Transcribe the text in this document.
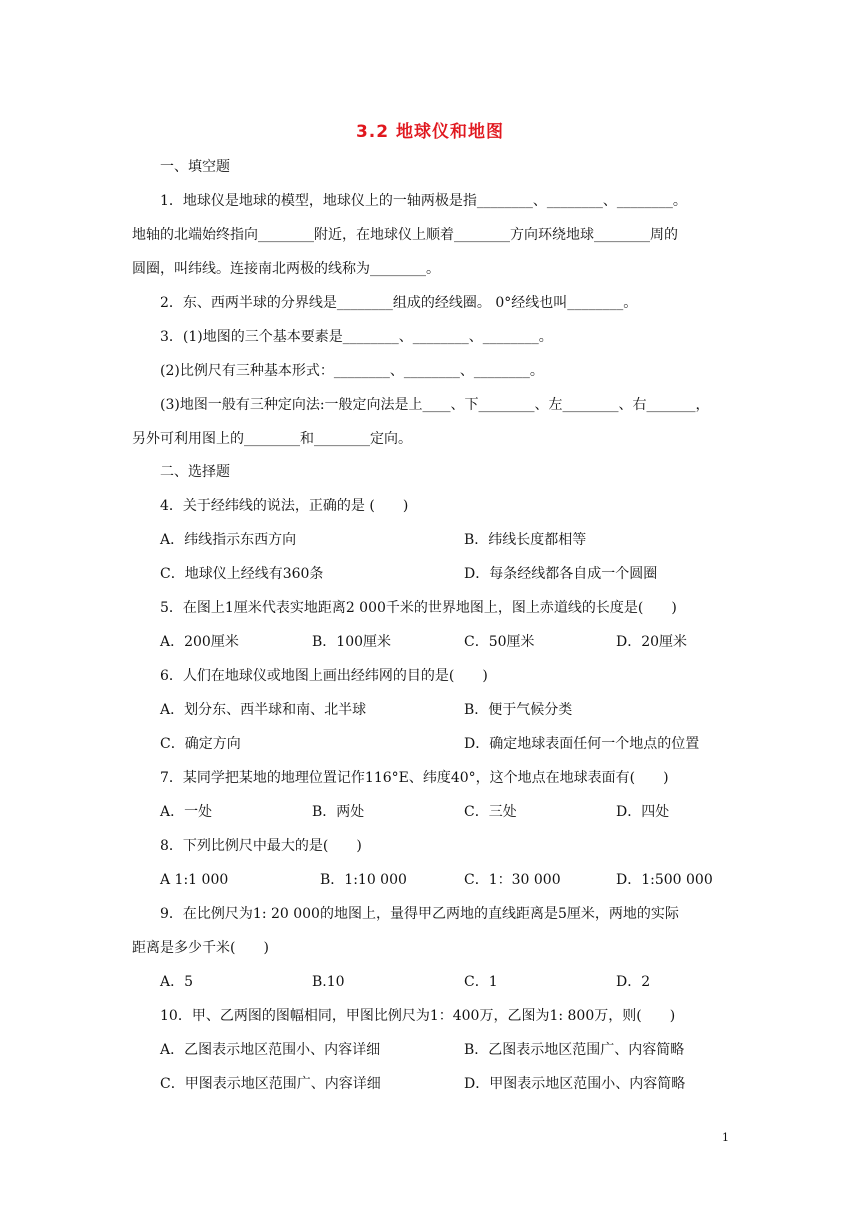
3.2 地球仪和地图
一、填空题
1．地球仪是地球的模型，地球仪上的一轴两极是指________、________、________。
地轴的北端始终指向________附近，在地球仪上顺着________方向环绕地球________周的
圆圈，叫纬线。连接南北两极的线称为________。
2．东、西两半球的分界线是________组成的经线圈。 0°经线也叫________。
3．(1)地图的三个基本要素是________、________、________。
(2)比例尺有三种基本形式：________、________、________。
(3)地图一般有三种定向法:一般定向法是上____、下________、左________、右_______，
另外可利用图上的________和________定向。
二、选择题
4．关于经纬线的说法，正确的是 (　　)
A．纬线指示东西方向	B．纬线长度都相等
C．地球仪上经线有360条	D．每条经线都各自成一个圆圈
5．在图上1厘米代表实地距离2 000千米的世界地图上，图上赤道线的长度是(　　)
A．200厘米	B．100厘米	C．50厘米	D．20厘米
6．人们在地球仪或地图上画出经纬网的目的是(　　)
A．划分东、西半球和南、北半球	B．便于气候分类
C．确定方向	D．确定地球表面任何一个地点的位置
7．某同学把某地的地理位置记作116°E、纬度40°，这个地点在地球表面有(　　)
A．一处	B．两处	C．三处	D．四处
8．下列比例尺中最大的是(　　)
A 1:1 000	B．1:10 000	C．1：30 000	D．1:500 000
9．在比例尺为1: 20 000的地图上，量得甲乙两地的直线距离是5厘米，两地的实际
距离是多少千米(　　)
A．5	B.10	C．1	D．2
10．甲、乙两图的图幅相同，甲图比例尺为1：400万，乙图为1: 800万，则(　　)
A．乙图表示地区范围小、内容详细	B．乙图表示地区范围广、内容简略
C．甲图表示地区范围广、内容详细	D．甲图表示地区范围小、内容简略
1
